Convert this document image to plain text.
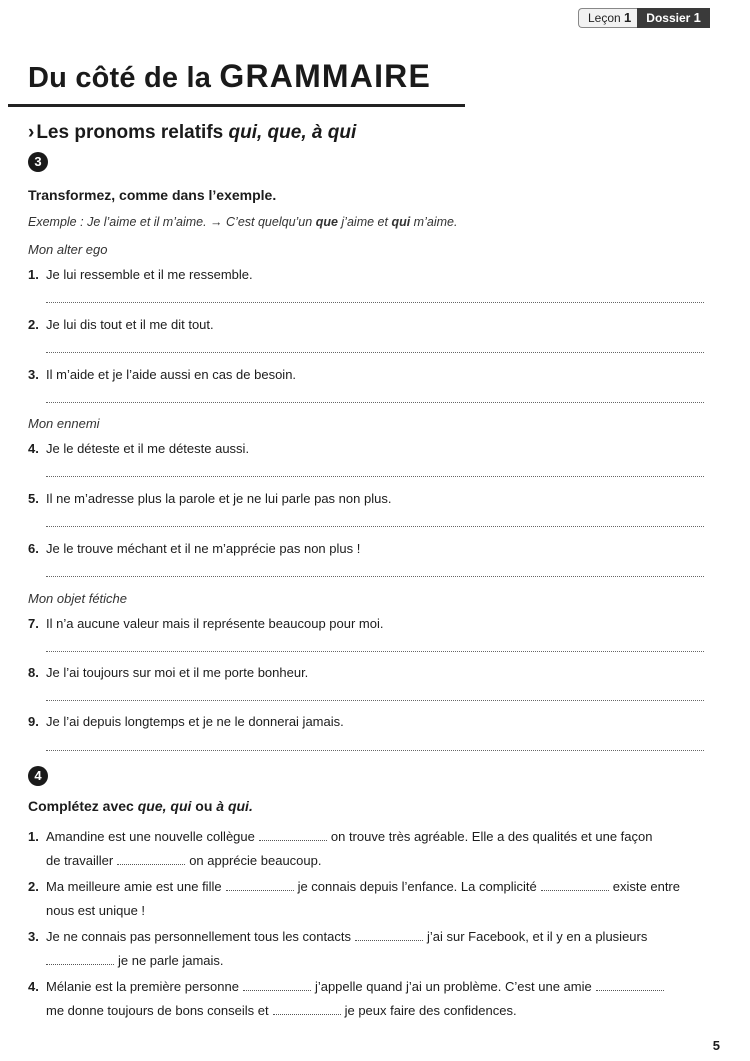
Leçon 1	Dossier 1
Du côté de la GRAMMAIRE
› Les pronoms relatifs qui, que, à qui
3
Transformez, comme dans l’exemple.
Exemple : Je l’aime et il m’aime. → C’est quelqu’un que j’aime et qui m’aime.
Mon alter ego
1. Je lui ressemble et il me ressemble.
2. Je lui dis tout et il me dit tout.
3. Il m’aide et je l’aide aussi en cas de besoin.
Mon ennemi
4. Je le déteste et il me déteste aussi.
5. Il ne m’adresse plus la parole et je ne lui parle pas non plus.
6. Je le trouve méchant et il ne m’apprécie pas non plus !
Mon objet fétiche
7. Il n’a aucune valeur mais il représente beaucoup pour moi.
8. Je l’ai toujours sur moi et il me porte bonheur.
9. Je l’ai depuis longtemps et je ne le donnerai jamais.
4
Complétez avec que, qui ou à qui.
1. Amandine est une nouvelle collègue	on trouve très agréable. Elle a des qualités et une façon
de travailler	on apprécie beaucoup.
2. Ma meilleure amie est une fille	je connais depuis l’enfance. La complicité	existe entre
nous est unique !
3. Je ne connais pas personnellement tous les contacts	j’ai sur Facebook, et il y en a plusieurs
je ne parle jamais.
4. Mélanie est la première personne	j’appelle quand j’ai un problème. C’est une amie
me donne toujours de bons conseils et	je peux faire des confidences.
5
